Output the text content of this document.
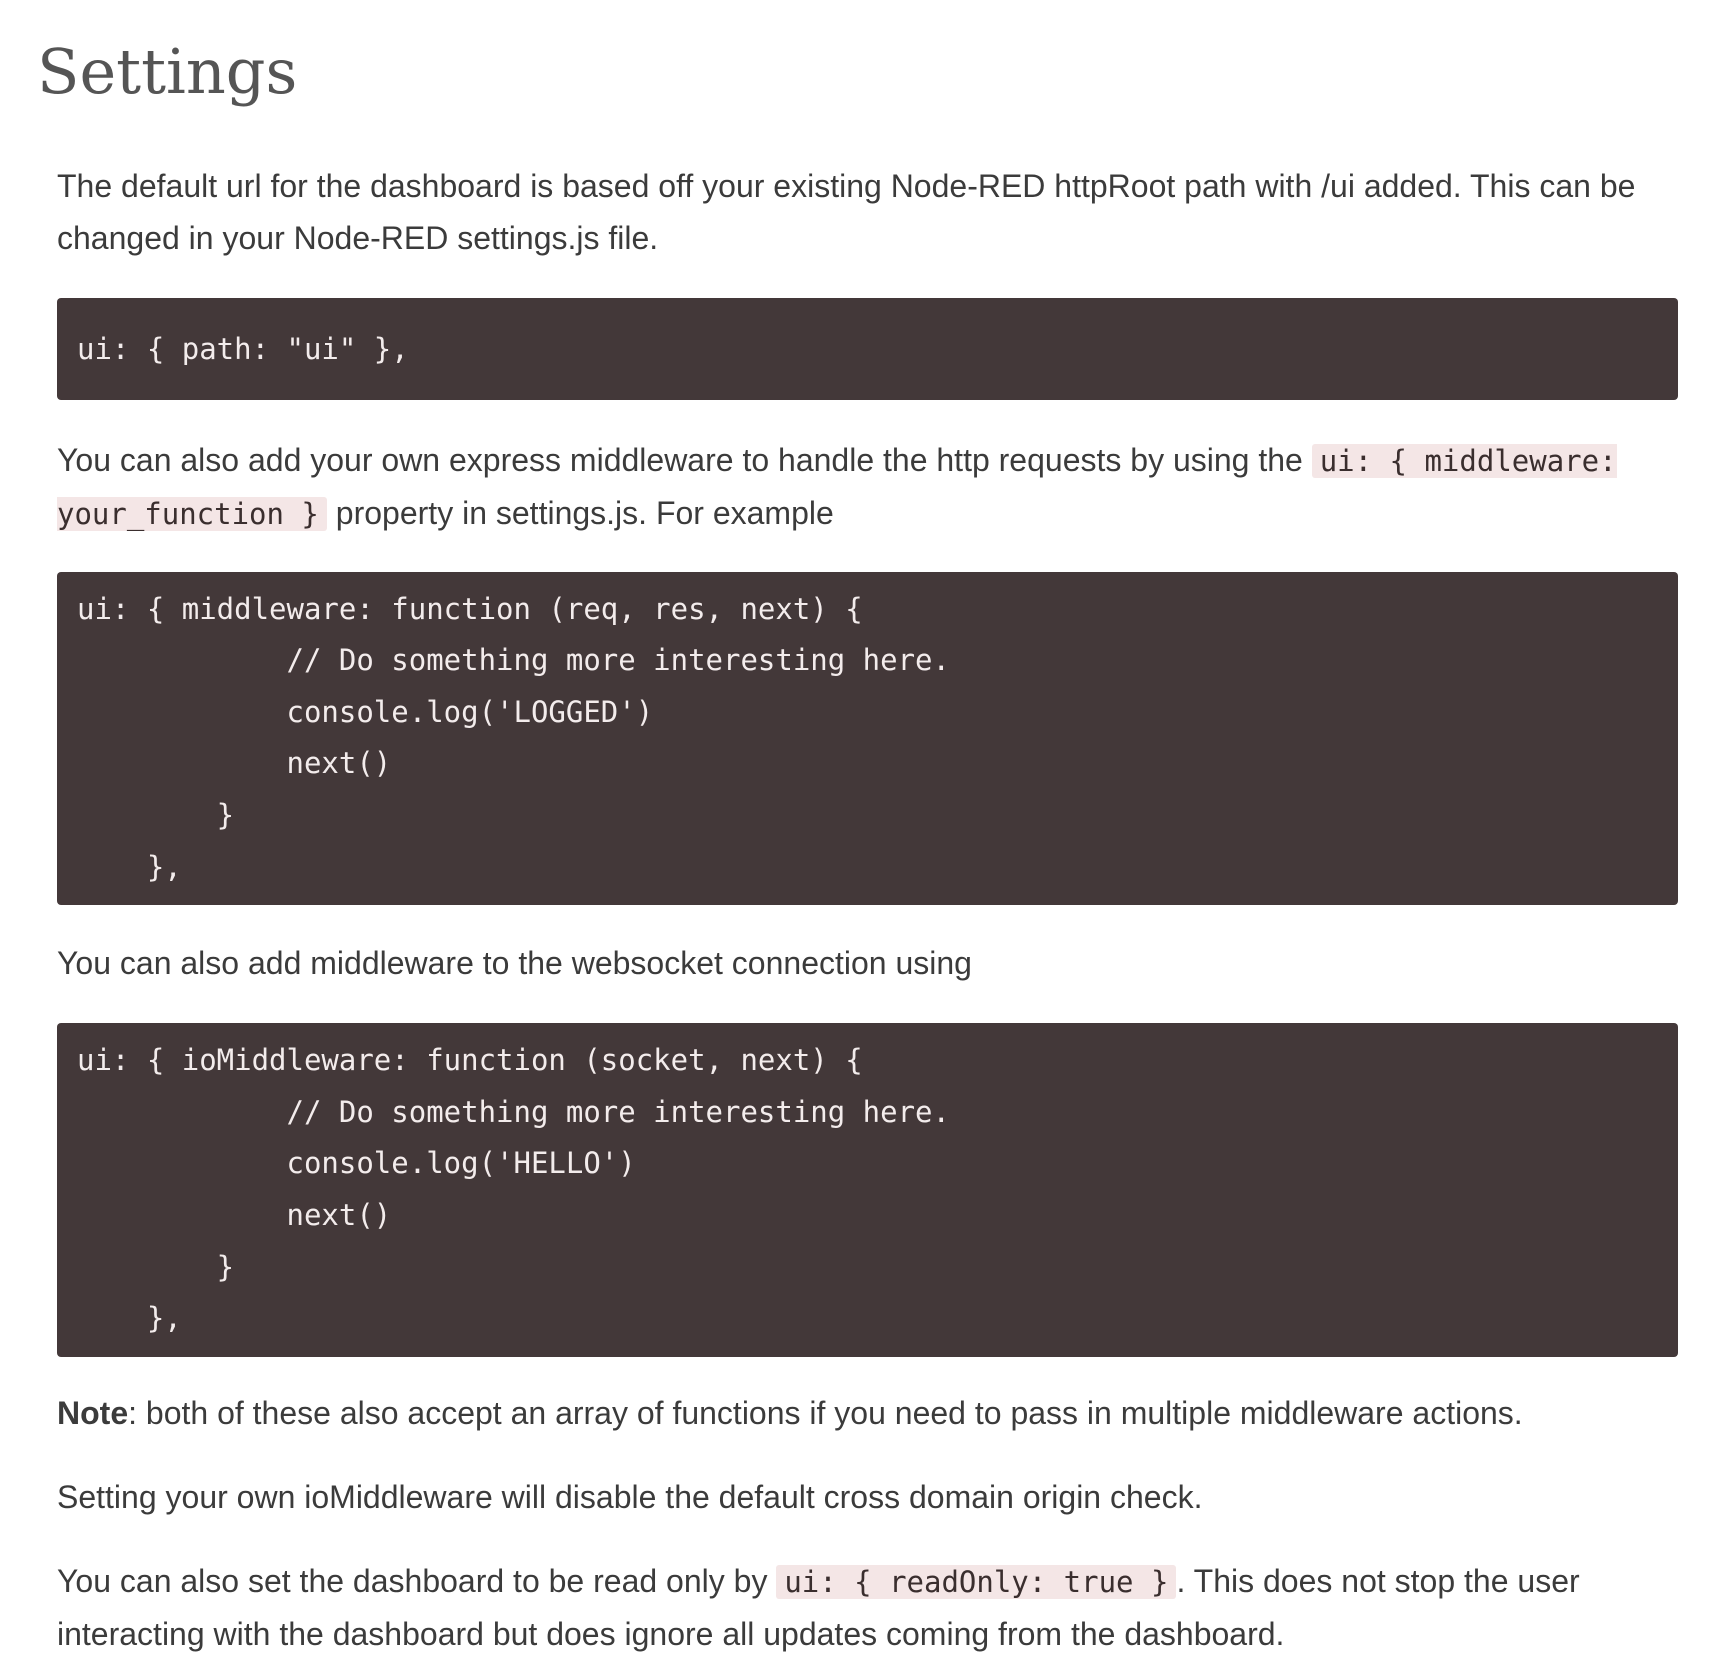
Settings

The default url for the dashboard is based off your existing Node-RED httpRoot path with /ui added. This can be changed in your Node-RED settings.js file.

ui: { path: "ui" },

You can also add your own express middleware to handle the http requests by using the ui: { middleware: your_function } property in settings.js. For example

ui: { middleware: function (req, res, next) {
// Do something more interesting here.
console.log('LOGGED')
next()
}
},

You can also add middleware to the websocket connection using

ui: { ioMiddleware: function (socket, next) {
// Do something more interesting here.
console.log('HELLO')
next()
}
},

Note: both of these also accept an array of functions if you need to pass in multiple middleware actions.

Setting your own ioMiddleware will disable the default cross domain origin check.

You can also set the dashboard to be read only by ui: { readOnly: true } . This does not stop the user interacting with the dashboard but does ignore all updates coming from the dashboard.
